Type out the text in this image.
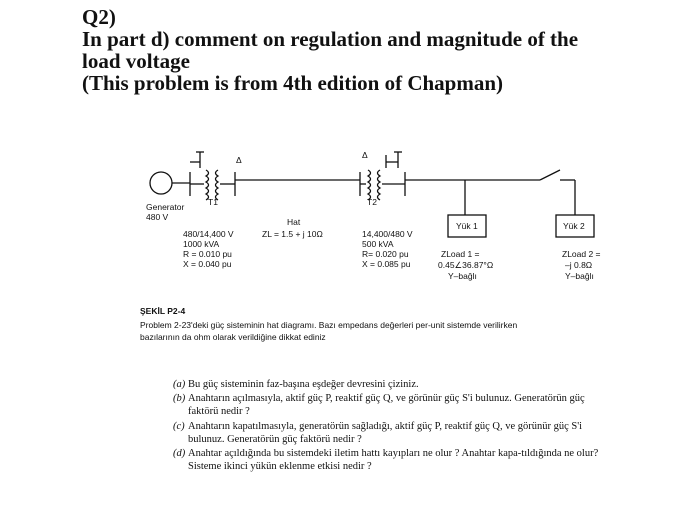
Q2)
In part d) comment on regulation and magnitude of the
load voltage
(This problem is from 4th edition of Chapman)
Generator
480 V
T1
Δ
T2
Δ
Hat
ZL = 1.5 + j 10Ω
480/14,400 V
1000 kVA
R = 0.010 pu
X = 0.040 pu
14,400/480 V
500 kVA
R= 0.020 pu
X = 0.085 pu
Yük 1	Yük 2
ZLoad 1 =
0.45∠36.87°Ω
Y–bağlı
ZLoad 2 =
–j 0.8Ω
Y–bağlı
ŞEKİL P2-4
Problem 2-23'deki güç sisteminin hat diagramı. Bazı empedans değerleri per-unit sistemde verilirken
bazılarının da ohm olarak verildiğine dikkat ediniz
(a) Bu güç sisteminin faz-başına eşdeğer devresini çiziniz.
(b) Anahtarın açılmasıyla, aktif güç P, reaktif güç Q, ve görünür güç S'i bulunuz. Generatörün güç faktörü nedir ?
(c) Anahtarın kapatılmasıyla, generatörün sağladığı, aktif güç P, reaktif güç Q, ve görünür güç S'i bulunuz. Generatörün güç faktörü nedir ?
(d) Anahtar açıldığında bu sistemdeki iletim hattı kayıpları ne olur ? Anahtar kapa-tıldığında ne olur? Sisteme ikinci yükün eklenme etkisi nedir ?
